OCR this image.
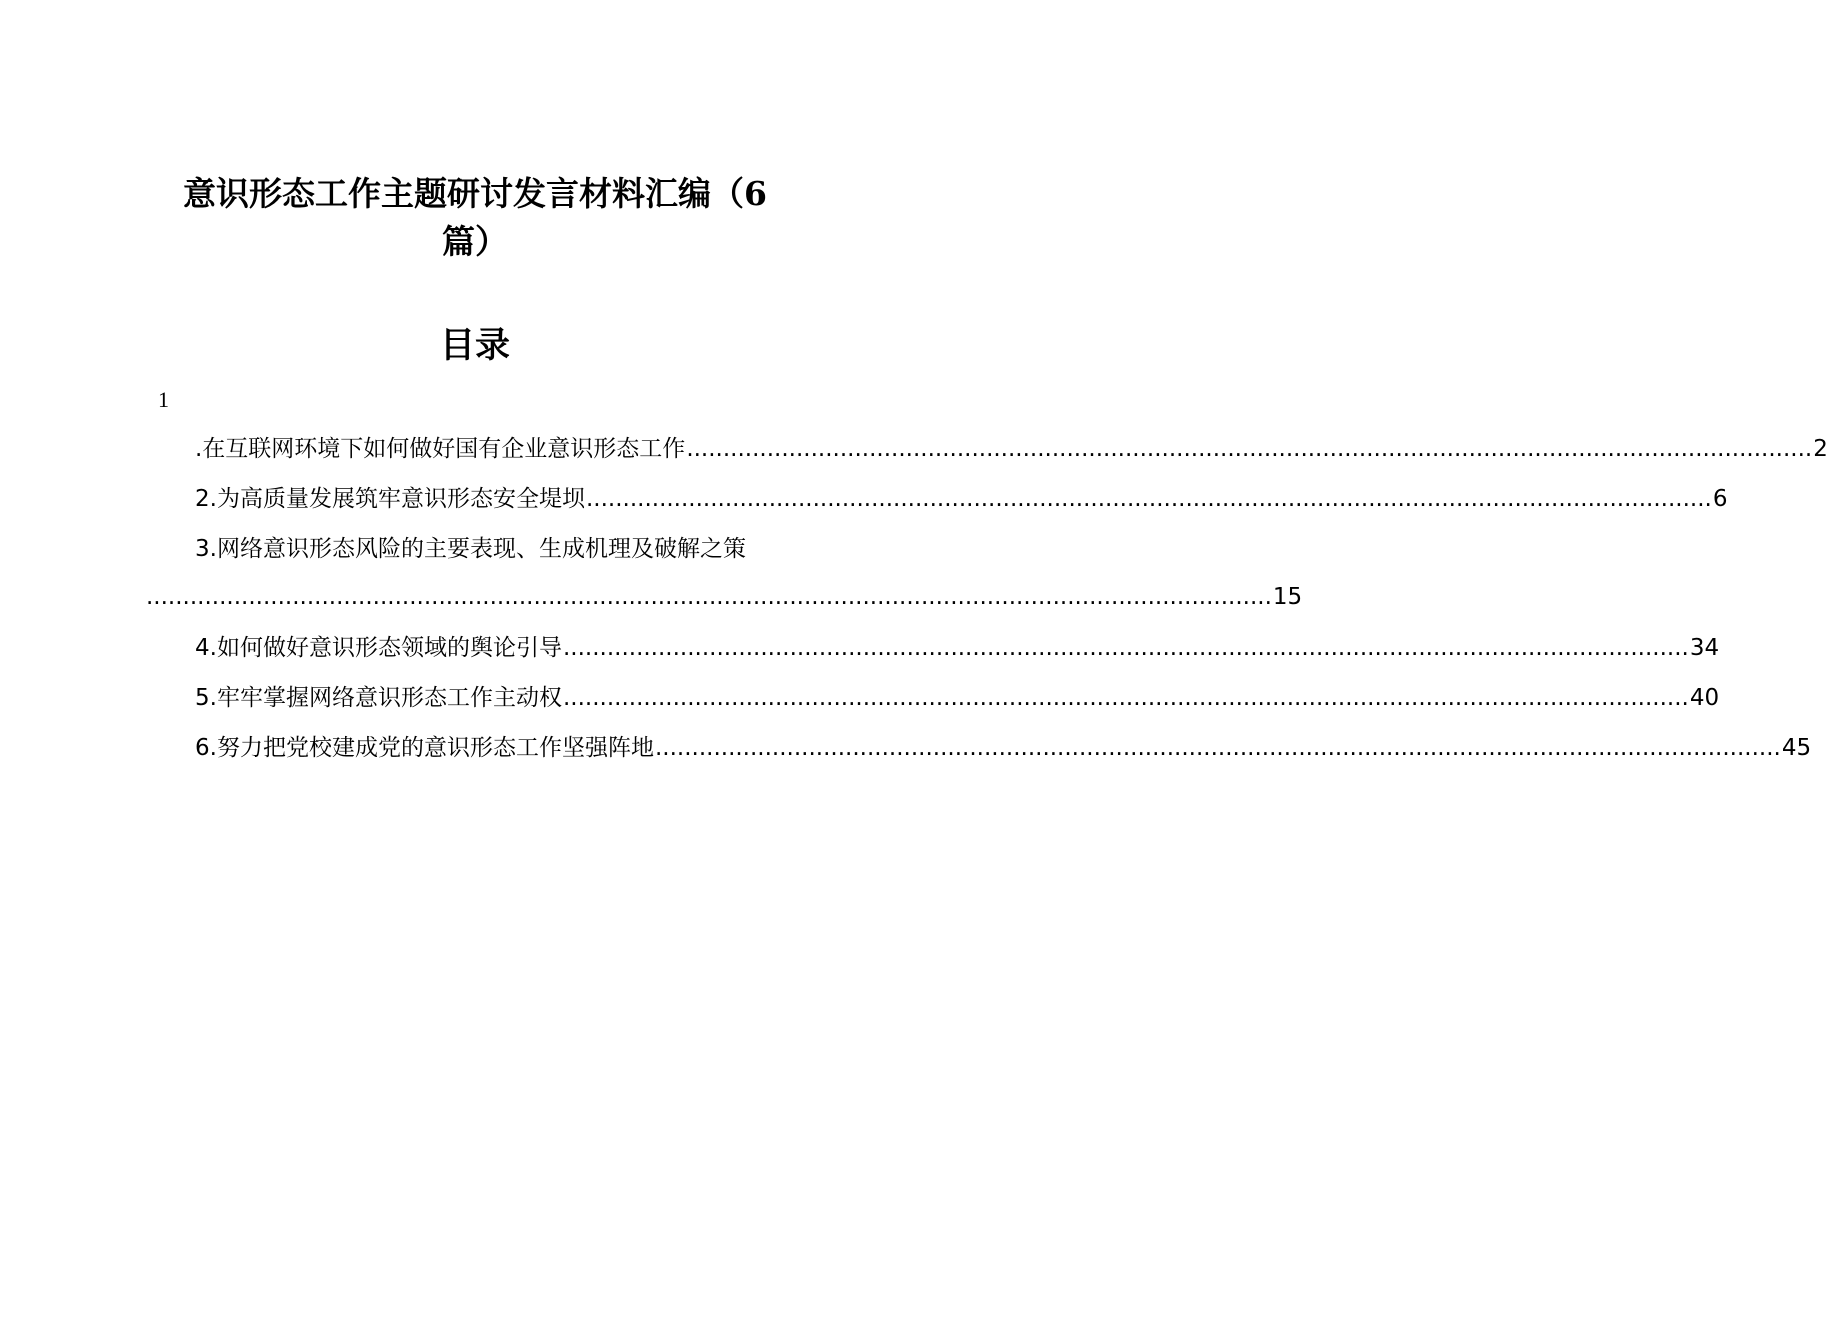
意识形态工作主题研讨发言材料汇编（6
篇）
目录
1
.在互联网环境下如何做好国有企业意识形态工作 .......................................................................................................................................................... 2
2.为高质量发展筑牢意识形态安全堤坝 .......................................................................................................................................................... 6
3.网络意识形态风险的主要表现、生成机理及破解之策
.......................................................................................................................................................... 15
4.如何做好意识形态领域的舆论引导 .......................................................................................................................................................... 34
5.牢牢掌握网络意识形态工作主动权 .......................................................................................................................................................... 40
6.努力把党校建成党的意识形态工作坚强阵地 .......................................................................................................................................................... 45
